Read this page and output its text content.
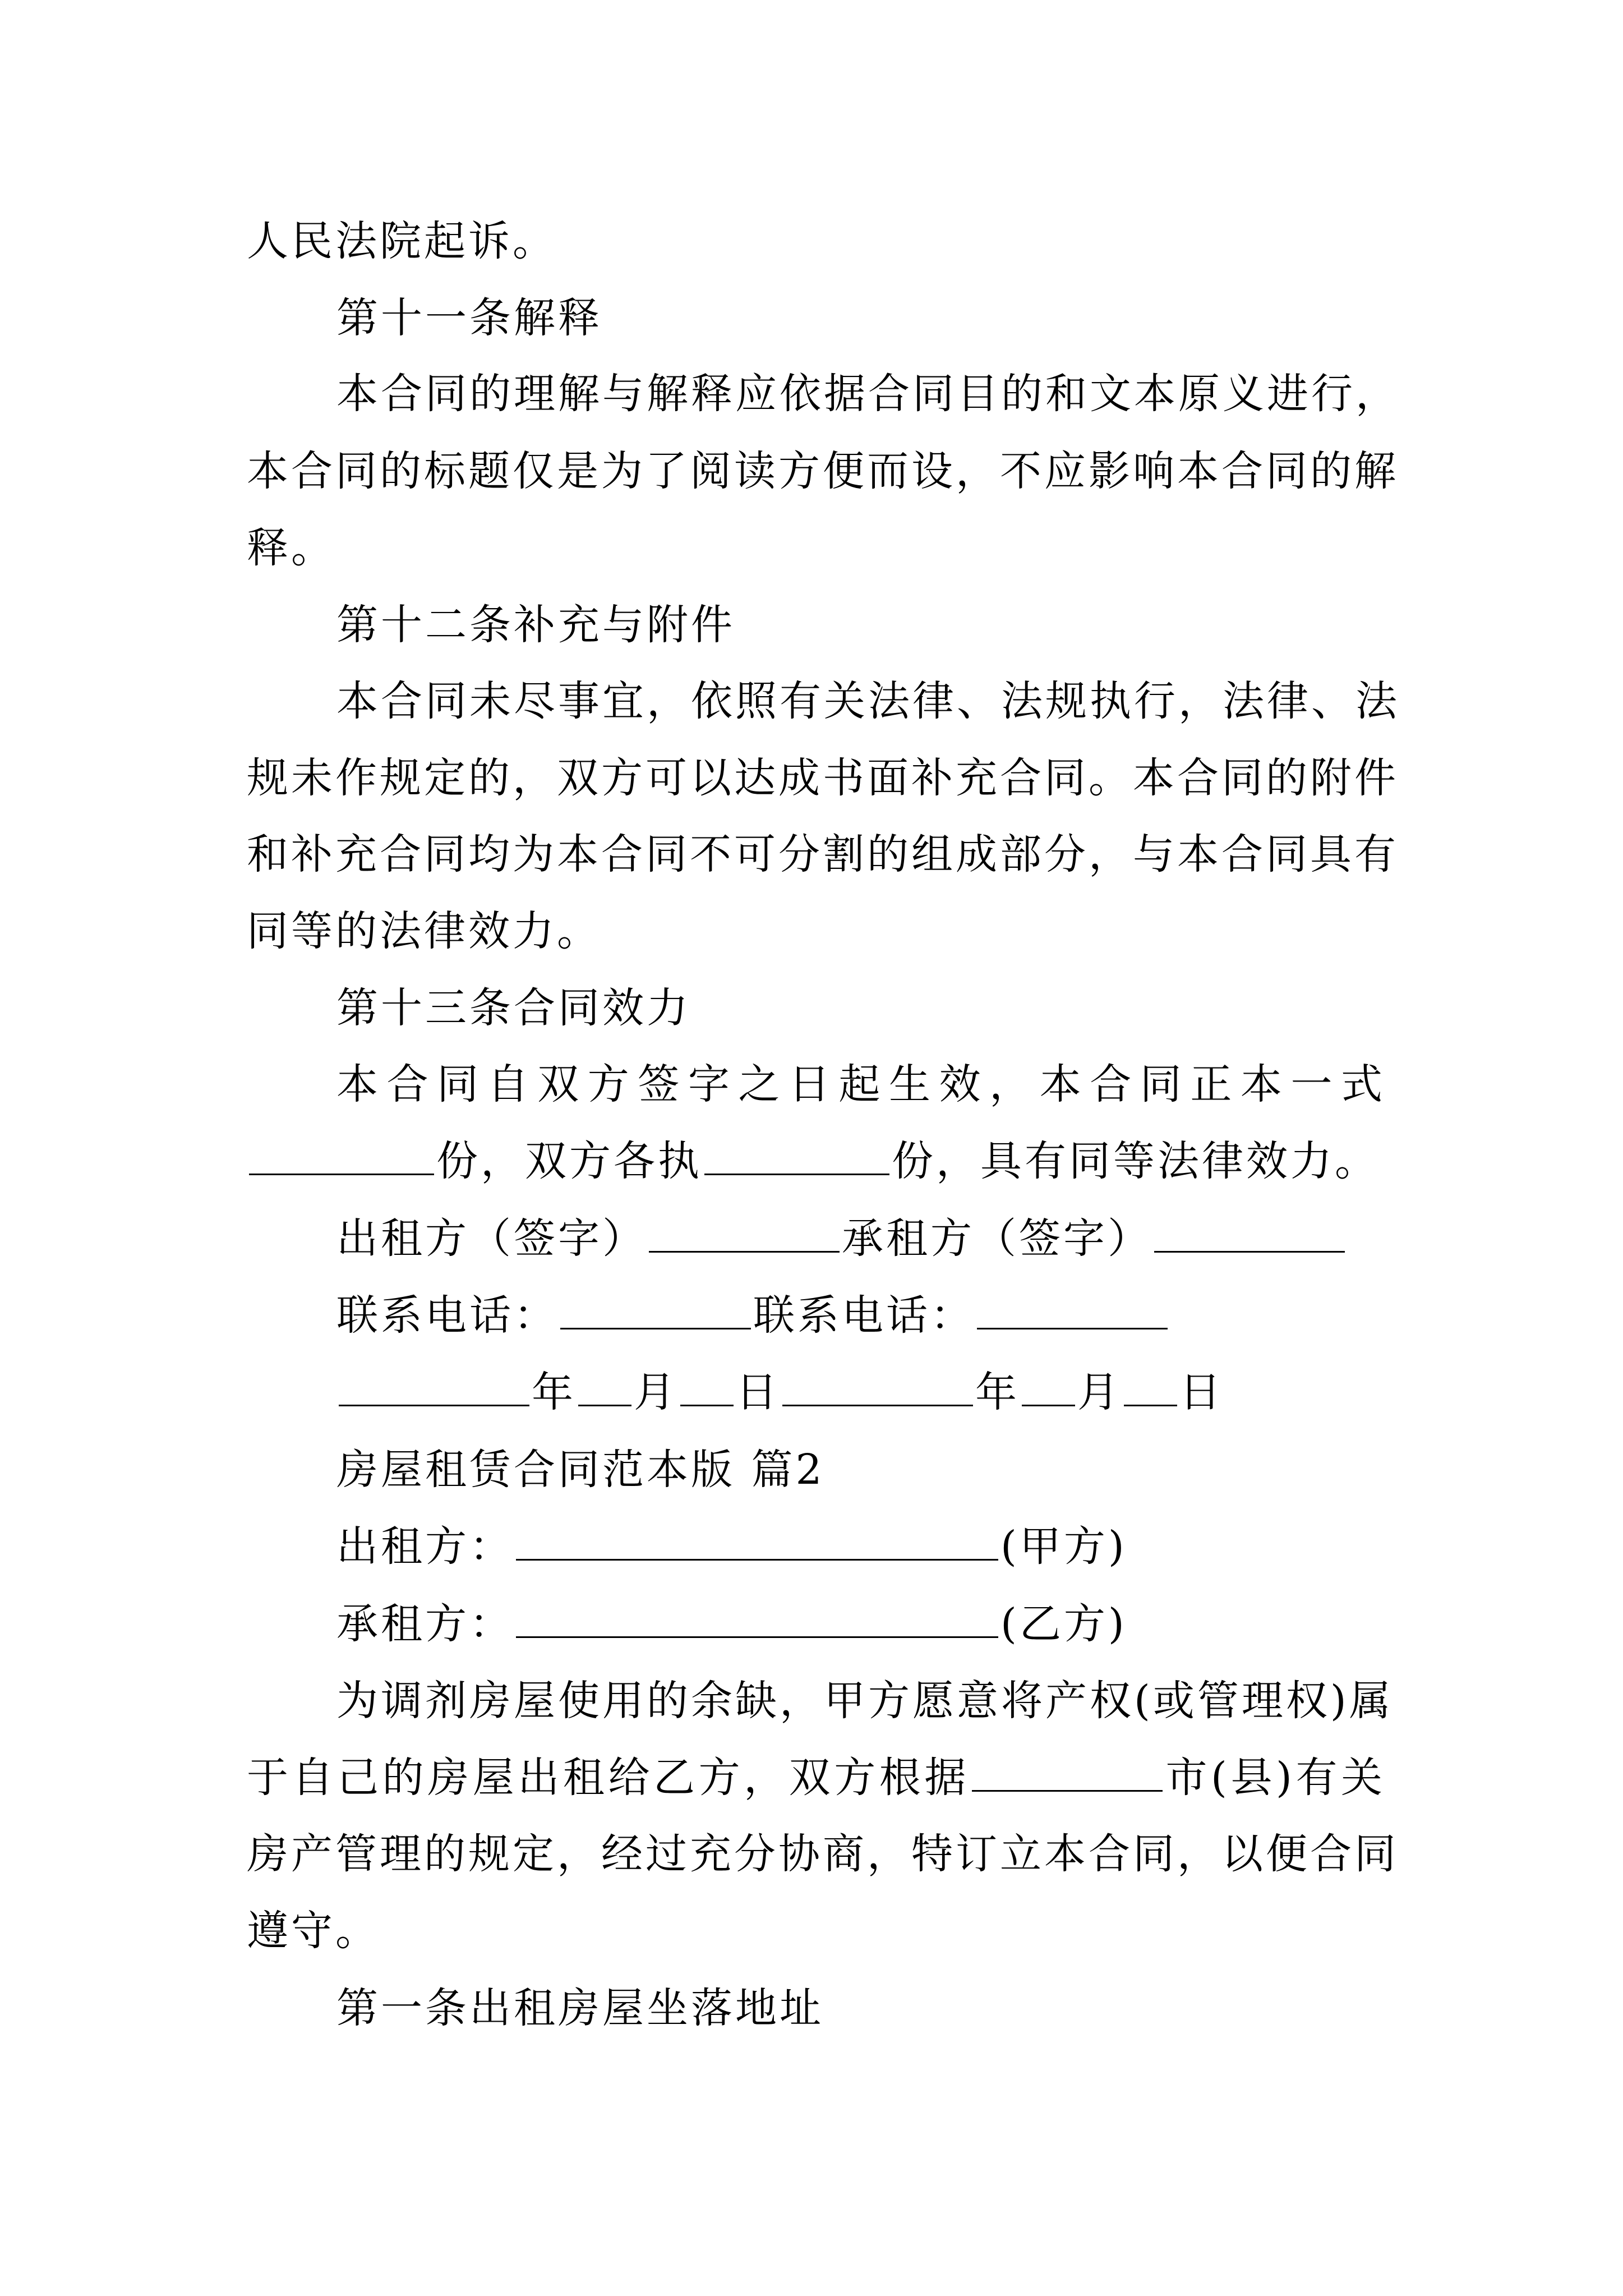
人民法院起诉。
第十一条解释
本合同的理解与解释应依据合同目的和文本原义进行，
本合同的标题仅是为了阅读方便而设，不应影响本合同的解
释。
第十二条补充与附件
本合同未尽事宜，依照有关法律、法规执行，法律、法
规未作规定的，双方可以达成书面补充合同。本合同的附件
和补充合同均为本合同不可分割的组成部分，与本合同具有
同等的法律效力。
第十三条合同效力
本合同自双方签字之日起生效，本合同正本一式
份，双方各执	份，具有同等法律效力。
出租方（签字）	承租方（签字）
联系电话：	联系电话：
年 月 日	年 月 日
房屋租赁合同范本版 篇2
出租方：	(甲方)
承租方：	(乙方)
为调剂房屋使用的余缺，甲方愿意将产权(或管理权)属
于自己的房屋出租给乙方，双方根据	市(县)有关
房产管理的规定，经过充分协商，特订立本合同，以便合同
遵守。
第一条出租房屋坐落地址
